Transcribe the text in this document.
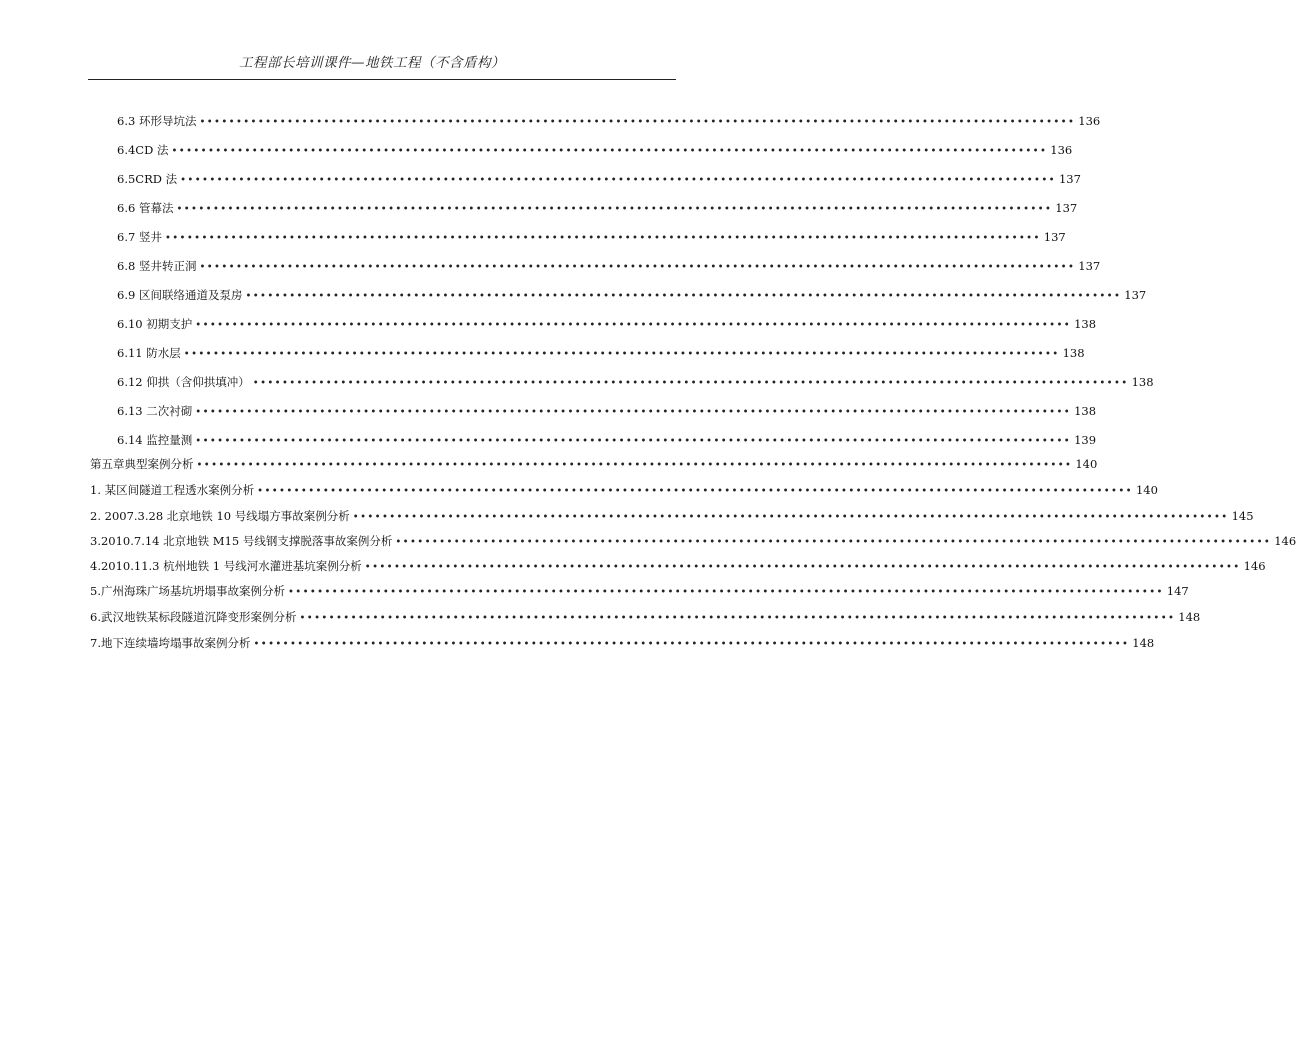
工程部长培训课件—地铁工程（不含盾构）
6.3 环形导坑法 •••••••••••••••••••••••••••••••••••••••••••••••••••••••••••••••••••••••••••••••••••••••••••••••••••••••••••••••••••••••• 136
6.4CD 法 •••••••••••••••••••••••••••••••••••••••••••••••••••••••••••••••••••••••••••••••••••••••••••••••••••••••••••••••••••••••• 136
6.5CRD 法 •••••••••••••••••••••••••••••••••••••••••••••••••••••••••••••••••••••••••••••••••••••••••••••••••••••••••••••••••••••••• 137
6.6 管幕法 •••••••••••••••••••••••••••••••••••••••••••••••••••••••••••••••••••••••••••••••••••••••••••••••••••••••••••••••••••••••• 137
6.7 竖井 •••••••••••••••••••••••••••••••••••••••••••••••••••••••••••••••••••••••••••••••••••••••••••••••••••••••••••••••••••••••• 137
6.8 竖井转正洞 •••••••••••••••••••••••••••••••••••••••••••••••••••••••••••••••••••••••••••••••••••••••••••••••••••••••••••••••••••••••• 137
6.9 区间联络通道及泵房 •••••••••••••••••••••••••••••••••••••••••••••••••••••••••••••••••••••••••••••••••••••••••••••••••••••••••••••••••••••••• 137
6.10 初期支护 •••••••••••••••••••••••••••••••••••••••••••••••••••••••••••••••••••••••••••••••••••••••••••••••••••••••••••••••••••••••• 138
6.11 防水层 •••••••••••••••••••••••••••••••••••••••••••••••••••••••••••••••••••••••••••••••••••••••••••••••••••••••••••••••••••••••• 138
6.12 仰拱（含仰拱填冲） •••••••••••••••••••••••••••••••••••••••••••••••••••••••••••••••••••••••••••••••••••••••••••••••••••••••••••••••••••••••• 138
6.13 二次衬砌 •••••••••••••••••••••••••••••••••••••••••••••••••••••••••••••••••••••••••••••••••••••••••••••••••••••••••••••••••••••••• 138
6.14 监控量测 •••••••••••••••••••••••••••••••••••••••••••••••••••••••••••••••••••••••••••••••••••••••••••••••••••••••••••••••••••••••• 139
第五章典型案例分析 •••••••••••••••••••••••••••••••••••••••••••••••••••••••••••••••••••••••••••••••••••••••••••••••••••••••••••••••••••••••• 140
1. 某区间隧道工程透水案例分析 •••••••••••••••••••••••••••••••••••••••••••••••••••••••••••••••••••••••••••••••••••••••••••••••••••••••••••••••••••••••• 140
2. 2007.3.28 北京地铁 10 号线塌方事故案例分析 •••••••••••••••••••••••••••••••••••••••••••••••••••••••••••••••••••••••••••••••••••••••••••••••••••••••••••••••••••••••• 145
3.2010.7.14 北京地铁 M15 号线钢支撑脱落事故案例分析 •••••••••••••••••••••••••••••••••••••••••••••••••••••••••••••••••••••••••••••••••••••••••••••••••••••••••••••••••••••••• 146
4.2010.11.3 杭州地铁 1 号线河水灌进基坑案例分析 •••••••••••••••••••••••••••••••••••••••••••••••••••••••••••••••••••••••••••••••••••••••••••••••••••••••••••••••••••••••• 146
5.广州海珠广场基坑坍塌事故案例分析 •••••••••••••••••••••••••••••••••••••••••••••••••••••••••••••••••••••••••••••••••••••••••••••••••••••••••••••••••••••••• 147
6.武汉地铁某标段隧道沉降变形案例分析 •••••••••••••••••••••••••••••••••••••••••••••••••••••••••••••••••••••••••••••••••••••••••••••••••••••••••••••••••••••••• 148
7.地下连续墙垮塌事故案例分析 •••••••••••••••••••••••••••••••••••••••••••••••••••••••••••••••••••••••••••••••••••••••••••••••••••••••••••••••••••••••• 148
